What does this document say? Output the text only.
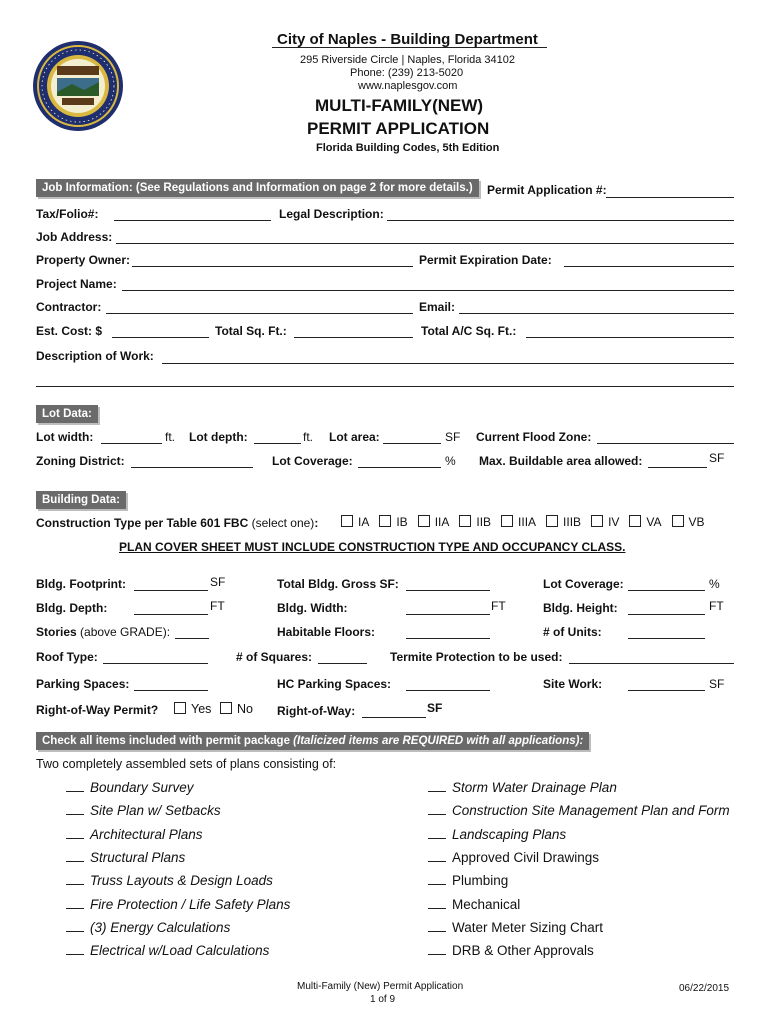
City of Naples - Building Department
295 Riverside Circle | Naples, Florida 34102
Phone: (239) 213-5020
www.naplesgov.com
MULTI-FAMILY(NEW)
PERMIT APPLICATION
Florida Building Codes, 5th Edition
Job Information: (See Regulations and Information on page 2 for more details.)	Permit Application #:
Tax/Folio#:	Legal Description:
Job Address:
Property Owner:	Permit Expiration Date:
Project Name:
Contractor:	Email:
Est. Cost: $	Total Sq. Ft.:	Total A/C Sq. Ft.:
Description of Work:
Lot Data:
Lot width:	ft. Lot depth:	ft. Lot area:	SF Current Flood Zone:
Zoning District:	Lot Coverage:	% Max. Buildable area allowed:	SF
Building Data:
Construction Type per Table 601 FBC (select one):	IA IB IIA IIB IIIA IIIB IV VA VB
PLAN COVER SHEET MUST INCLUDE CONSTRUCTION TYPE AND OCCUPANCY CLASS.
Bldg. Footprint:	SF	Total Bldg. Gross SF:	Lot Coverage:	%
Bldg. Depth:	FT	Bldg. Width:	FT	Bldg. Height:	FT
Stories (above GRADE):	Habitable Floors:	# of Units:
Roof Type:	# of Squares:	Termite Protection to be used:
Parking Spaces:	HC Parking Spaces:	Site Work:	SF
Right-of-Way Permit?	Yes	No Right-of-Way:	SF
Check all items included with permit package (Italicized items are REQUIRED with all applications):
Two completely assembled sets of plans consisting of:
Boundary Survey
Site Plan w/ Setbacks
Architectural Plans
Structural Plans
Truss Layouts & Design Loads
Fire Protection / Life Safety Plans
(3) Energy Calculations
Electrical w/Load Calculations
Storm Water Drainage Plan
Construction Site Management Plan and Form
Landscaping Plans
Approved Civil Drawings
Plumbing
Mechanical
Water Meter Sizing Chart
DRB & Other Approvals
Multi-Family (New) Permit Application
1 of 9
06/22/2015
